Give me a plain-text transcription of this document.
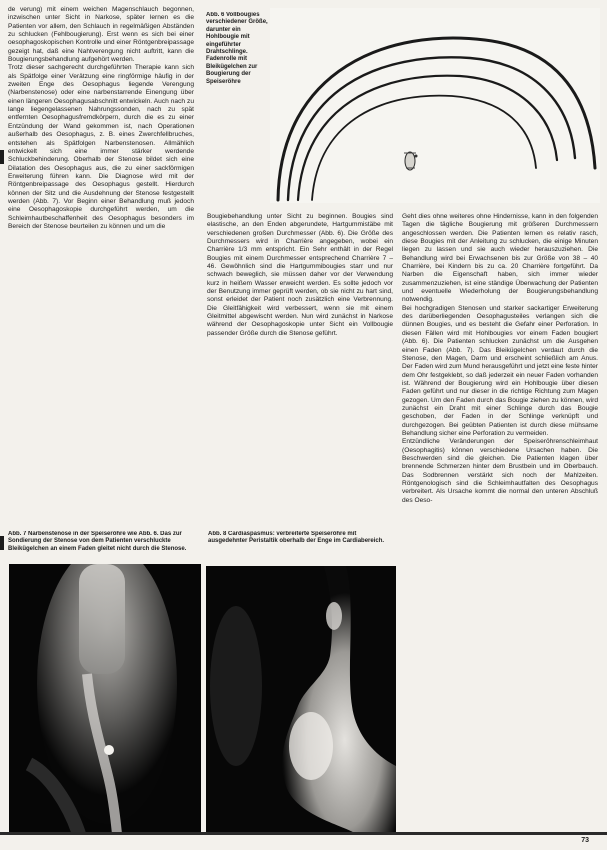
de verung) mit einem weichen Magenschlauch begonnen, inzwischen unter Sicht in Narkose, später lernen es die Patienten vor allem, den Schlauch in regelmäßigen Abständen zu schlucken (Fehlbougierung). Erst wenn es sich bei einer oesophagoskopischen Kontrolle und einer Röntgenbreipassage gezeigt hat, daß eine Nahtverengung nicht auftritt, kann die Bougierungsbehandlung aufgehört werden.

Trotz dieser sachgerecht durchgeführten Therapie kann sich als Spätfolge einer Verätzung eine ringförmige häufig in der zweiten Enge des Oesophagus liegende Verengung (Narbenstenose) oder eine narbenstarrende Einengung über einen längeren Oesophagusabschnitt entwickeln. Auch nach zu lange liegengelassenen Nahrungssonden, nach zu spät entfernten Oesophagusfremdkörpern, durch die es zu einer Entzündung der Wand gekommen ist, nach Operationen außerhalb des Oesophagus, z. B. eines Zwerchfellbruches, entstehen als Spätfolgen Narbenstenosen. Allmählich entwickelt sich eine immer stärker werdende Schluckbehinderung. Oberhalb der Stenose bildet sich eine Dilatation des Oesophagus aus, die zu einer sackförmigen Erweiterung führen kann. Die Diagnose wird mit der Röntgenbreipassage des Oesophagus gestellt. Hierdurch können der Sitz und die Ausdehnung der Stenose festgestellt werden (Abb. 7). Vor Beginn einer Behandlung muß jedoch eine Oesophagoskopie durchgeführt werden, um die Schleimhautbeschaffenheit des Oesophagus besonders im Bereich der Stenose beurteilen zu können und um die

Abb. 6 Vollbougies verschiedener Größe, darunter ein Hohlbougie mit eingeführter Drahtschlinge. Fadenrolle mit Bleikügelchen zur Bougierung der Speiseröhre

Bougiebehandlung unter Sicht zu beginnen. Bougies sind elastische, an den Enden abgerundete, Hartgummistäbe mit verschiedenen großen Durchmesser (Abb. 6). Die Größe des Durchmessers wird in Charrière angegeben, wobei ein Charrière 1/3 mm entspricht. Ein Sehr enthält in der Regel Bougies mit einem Durchmesser entsprechend Charrière 7 – 46. Gewöhnlich sind die Hartgummibougies starr und nur schwach beweglich, sie müssen daher vor der Verwendung kurz in heißem Wasser erweicht werden. Es sollte jedoch vor der Benutzung immer geprüft werden, ob sie nicht zu hart sind, sonst erleidet der Patient noch zusätzlich eine Verbrennung. Die Gleitfähigkeit wird verbessert, wenn sie mit einem Gleitmittel abgewischt werden. Nun wird zunächst in Narkose während der Oesophagoskopie unter Sicht ein Vollbougie passender Größe durch die Stenose geführt.

Geht dies ohne weiteres ohne Hindernisse, kann in den folgenden Tagen die tägliche Bougierung mit größeren Durchmessern angeschlossen werden. Die Patienten lernen es relativ rasch, diese Bougies mit der Anleitung zu schlucken, die einige Minuten liegen zu lassen und sie auch wieder herauszuziehen. Die Behandlung wird bei Erwachsenen bis zur Größe von 38 – 40 Charrière, bei Kindern bis zu ca. 20 Charrière fortgeführt. Da Narben die Eigenschaft haben, sich immer wieder zusammenzuziehen, ist eine ständige Überwachung der Patienten und eventuelle Wiederholung der Bougierungsbehandlung notwendig.

Bei hochgradigen Stenosen und starker sackartiger Erweiterung des darüberliegenden Oesophagusteiles verlangen sich die dünnen Bougies, und es besteht die Gefahr einer Perforation. In diesen Fällen wird mit Hohlbougies vor einem Faden bougiert (Abb. 6). Die Patienten schlucken zunächst um die Ausgehen einen Faden (Abb. 7). Das Bleikügelchen verdaut durch die Stenose, den Magen, Darm und erscheint schließlich am Anus. Der Faden wird zum Mund herausgeführt und jetzt eine feste hinter dem Ohr festgeklebt, so daß jederzeit ein neuer Faden vorhanden ist. Während der Bougierung wird ein Hohlbougie über diesen Faden geführt und nur dieser in die richtige Richtung zum Magen gezogen. Um den Faden durch das Bougie ziehen zu können, wird zunächst ein Draht mit einer Schlinge durch das Bougie geschoben, der Faden in der Schlinge verknüpft und durchgezogen. Bei geübten Patienten ist durch diese mühsame Behandlung sicher eine Perforation zu vermeiden.

Entzündliche Veränderungen der Speiseröhrenschleimhaut (Oesophagitis) können verschiedene Ursachen haben. Die Beschwerden sind die gleichen. Die Patienten klagen über brennende Schmerzen hinter dem Brustbein und im Oberbauch. Das Sodbrennen verstärkt sich noch der Mahlzeiten. Röntgenologisch sind die Schleimhautfalten des Oesophagus verbreitert. Als Ursache kommt die normal den unteren Abschluß des Oeso-

Abb. 7 Narbenstenose in der Speiseröhre wie Abb. 6. Das zur Sondierung der Stenose von dem Patienten verschluckte Bleikügelchen an einem Faden gleitet nicht durch die Stenose.
Abb. 8 Cardiaspasmus: verbreiterte Speiseröhre mit ausgedehnter Peristaltik oberhalb der Enge im Cardiabereich.
73
